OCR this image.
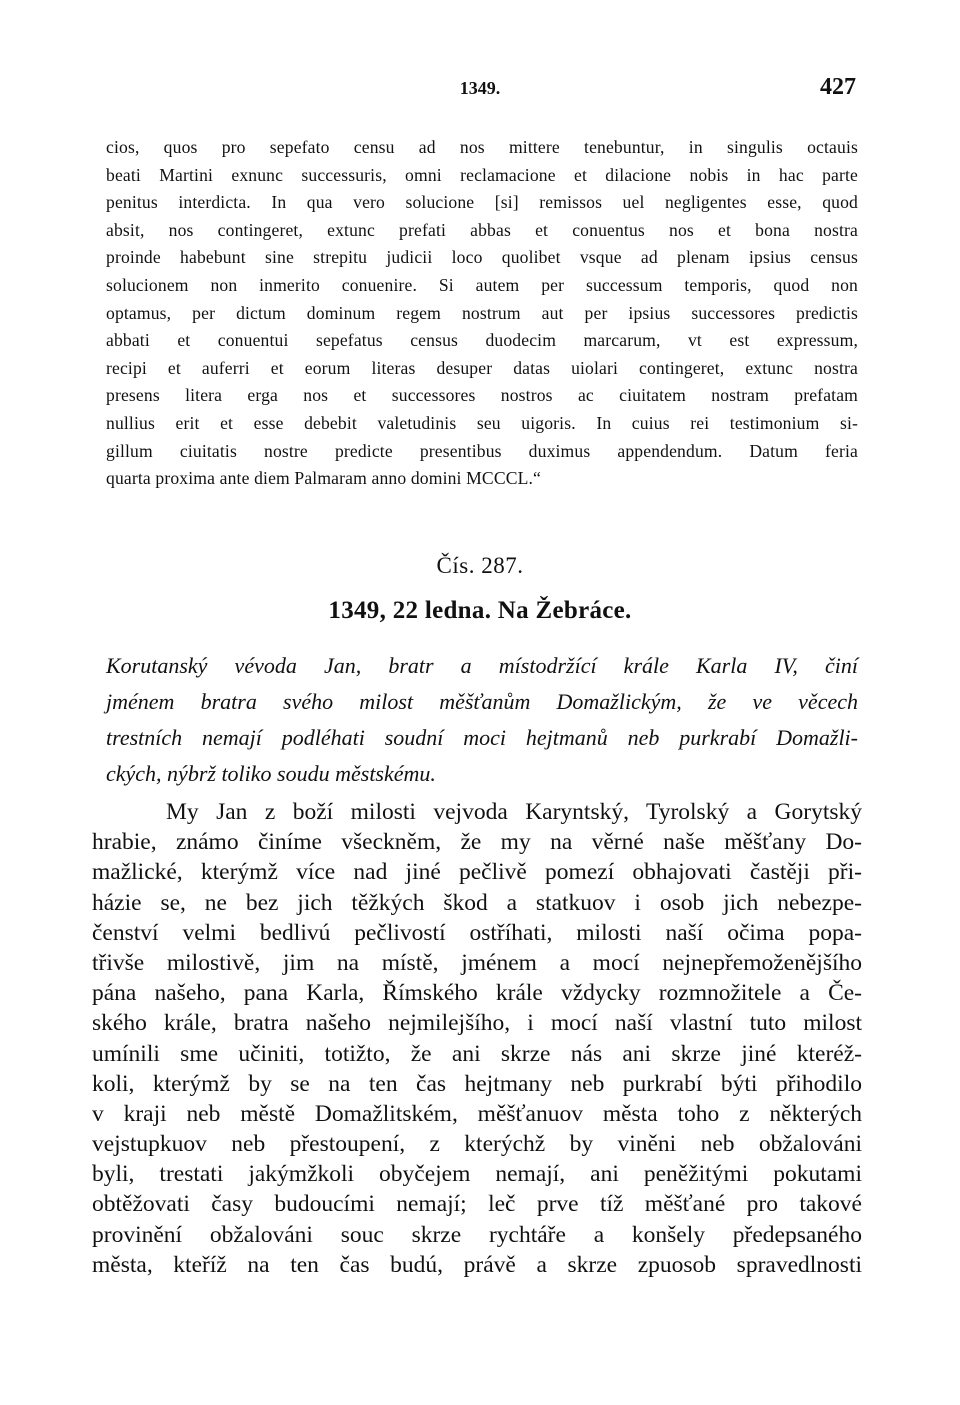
1349.	427
cios, quos pro sepefato censu ad nos mittere tenebuntur, in singulis octauis
beati Martini exnunc successuris, omni reclamacione et dilacione nobis in hac parte
penitus interdicta. In qua vero solucione [si] remissos uel negligentes esse, quod
absit, nos contingeret, extunc prefati abbas et conuentus nos et bona nostra
proinde habebunt sine strepitu judicii loco quolibet vsque ad plenam ipsius census
solucionem non inmerito conuenire. Si autem per successum temporis, quod non
optamus, per dictum dominum regem nostrum aut per ipsius successores predictis
abbati et conuentui sepefatus census duodecim marcarum, vt est expressum,
recipi et auferri et eorum literas desuper datas uiolari contingeret, extunc nostra
presens litera erga nos et successores nostros ac ciuitatem nostram prefatam
nullius erit et esse debebit valetudinis seu uigoris. In cuius rei testimonium si-
gillum ciuitatis nostre predicte presentibus duximus appendendum. Datum feria
quarta proxima ante diem Palmaram anno domini MCCCL.“
Čís. 287.
1349, 22 ledna. Na Žebráce.
Korutanský vévoda Jan, bratr a místodržící krále Karla IV, činí
jménem bratra svého milost měšťanům Domažlickým, že ve věcech
trestních nemají podléhati soudní moci hejtmanů neb purkrabí Domažli-
ckých, nýbrž toliko soudu městskému.
My Jan z boží milosti vejvoda Karyntský, Tyrolský a Gorytský
hrabie, známo činíme všeckněm, že my na věrné naše měšťany Do-
mažlické, kterýmž více nad jiné pečlivě pomezí obhajovati častěji při-
házie se, ne bez jich těžkých škod a statkuov i osob jich nebezpe-
čenství velmi bedlivú pečlivostí ostříhati, milosti naší očima popa-
třivše milostivě, jim na místě, jménem a mocí nejnepřemoženějšího
pána našeho, pana Karla, Římského krále vždycky rozmnožitele a Če-
ského krále, bratra našeho nejmilejšího, i mocí naší vlastní tuto milost
umínili sme učiniti, totižto, že ani skrze nás ani skrze jiné kteréž-
koli, kterýmž by se na ten čas hejtmany neb purkrabí býti přihodilo
v kraji neb městě Domažlitském, měšťanuov města toho z některých
vejstupkuov neb přestoupení, z kterýchž by viněni neb obžalováni
byli, trestati jakýmžkoli obyčejem nemají, ani peněžitými pokutami
obtěžovati časy budoucími nemají; leč prve tíž měšťané pro takové
provinění obžalováni souc skrze rychtáře a konšely předepsaného
města, kteříž na ten čas budú, právě a skrze zpuosob spravedlnosti
